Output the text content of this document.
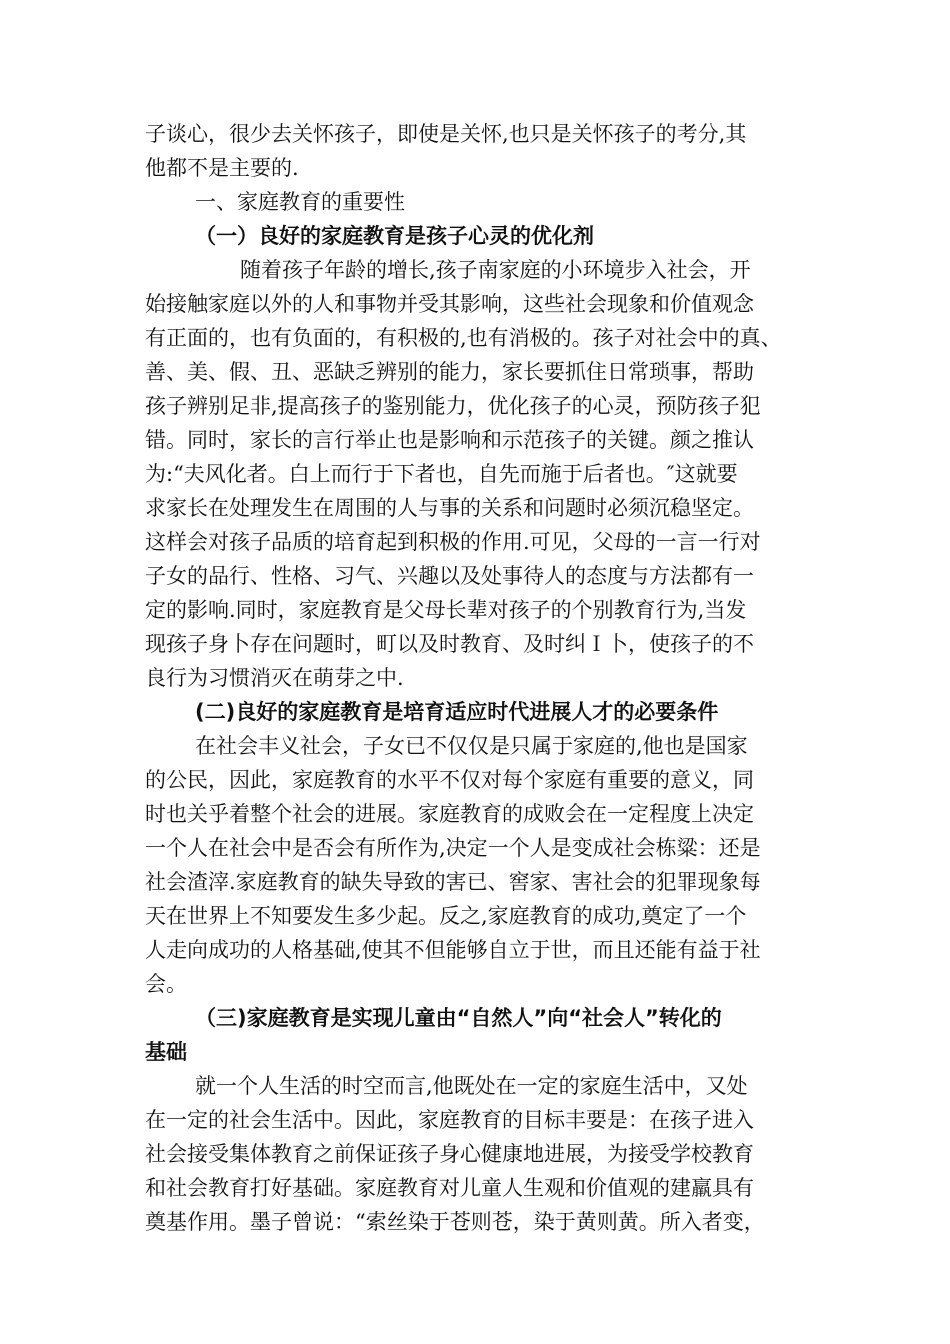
子谈心，很少去关怀孩子，即使是关怀,也只是关怀孩子的考分,其
他都不是主要的.
一、家庭教育的重要性
（一）良好的家庭教育是孩子心灵的优化剂
随着孩子年龄的增长,孩子南家庭的小环境步入社会，开
始接触家庭以外的人和事物并受其影响，这些社会现象和价值观念
有正面的，也有负面的，有积极的,也有消极的。孩子对社会中的真、
善、美、假、丑、恶缺乏辨别的能力，家长要抓住日常琐事，帮助
孩子辨别足非,提高孩子的鉴别能力，优化孩子的心灵，预防孩子犯
错。同时，家长的言行举止也是影响和示范孩子的关键。颜之推认
为:“夫风化者。白上而行于下者也，自先而施于后者也。″这就要
求家长在处理发生在周围的人与事的关系和问题时必须沉稳坚定。
这样会对孩子品质的培育起到积极的作用.可见，父母的一言一行对
子女的品行、性格、习气、兴趣以及处事待人的态度与方法都有一
定的影响.同时，家庭教育是父母长辈对孩子的个别教育行为,当发
现孩子身卜存在问题时，町以及时教育、及时纠Ｉ卜，使孩子的不
良行为习惯消灭在萌芽之中.
(二)良好的家庭教育是培育适应时代进展人才的必要条件
在社会丰义社会，子女已不仅仅是只属于家庭的,他也是国家
的公民，因此，家庭教育的水平不仅对每个家庭有重要的意义，同
时也关乎着整个社会的进展。家庭教育的成败会在一定程度上决定
一个人在社会中是否会有所作为,决定一个人是变成社会栋粱：还是
社会渣滓.家庭教育的缺失导致的害已、窖家、害社会的犯罪现象每
天在世界上不知要发生多少起。反之,家庭教育的成功,奠定了一个
人走向成功的人格基础,使其不但能够自立于世，而且还能有益于社
会。
（三)家庭教育是实现儿童由“自然人”向“社会人”转化的
基础
就一个人生活的时空而言,他既处在一定的家庭生活中，又处
在一定的社会生活中。因此，家庭教育的目标丰要是：在孩子进入
社会接受集体教育之前保证孩子身心健康地进展，为接受学校教育
和社会教育打好基础。家庭教育对儿童人生观和价值观的建羸具有
奠基作用。墨子曾说：“索丝染于苍则苍，染于黄则黄。所入者变，
